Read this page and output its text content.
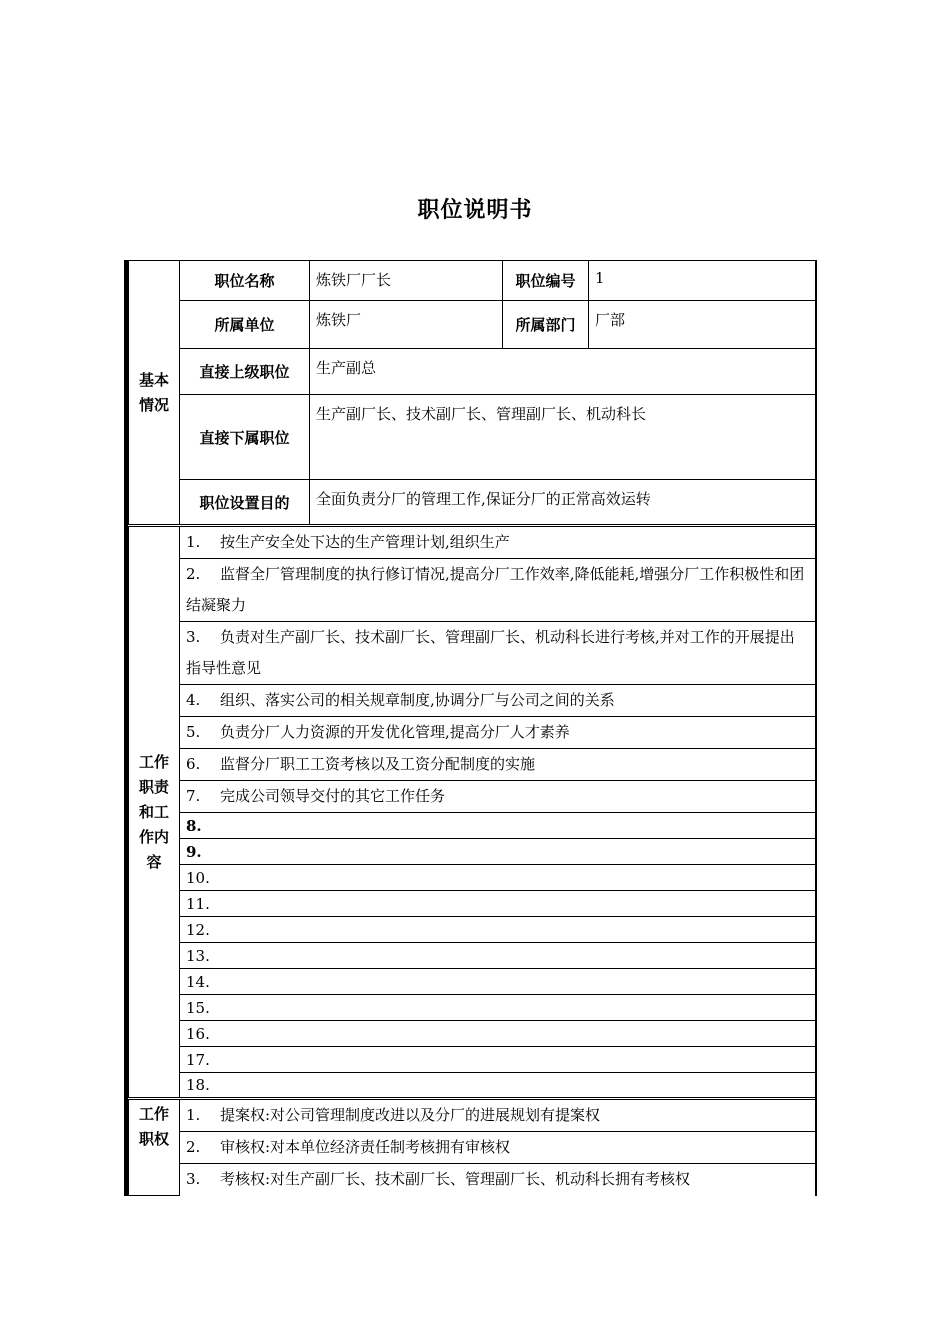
职位说明书
基本情况	职位名称	炼铁厂厂长	职位编号	1
	所属单位	炼铁厂	所属部门	厂部
	直接上级职位	生产副总		
	直接下属职位	生产副厂长、技术副厂长、管理副厂长、机动科长		
	职位设置目的	全面负责分厂的管理工作,保证分厂的正常高效运转		
工作职责和工作内容	1. 按生产安全处下达的生产管理计划,组织生产			
	2. 监督全厂管理制度的执行修订情况,提高分厂工作效率,降低能耗,增强分厂工作积极性和团结凝聚力			
	3. 负责对生产副厂长、技术副厂长、管理副厂长、机动科长进行考核,并对工作的开展提出指导性意见			
	4. 组织、落实公司的相关规章制度,协调分厂与公司之间的关系			
	5. 负责分厂人力资源的开发优化管理,提高分厂人才素养			
	6. 监督分厂职工工资考核以及工资分配制度的实施			
	7. 完成公司领导交付的其它工作任务			
	8.			
	9.			
	10.			
	11.			
	12.			
	13.			
	14.			
	15.			
	16.			
	17.			
	18.			
工作职权	1. 提案权:对公司管理制度改进以及分厂的进展规划有提案权			
	2. 审核权:对本单位经济责任制考核拥有审核权			
	3. 考核权:对生产副厂长、技术副厂长、管理副厂长、机动科长拥有考核权			
